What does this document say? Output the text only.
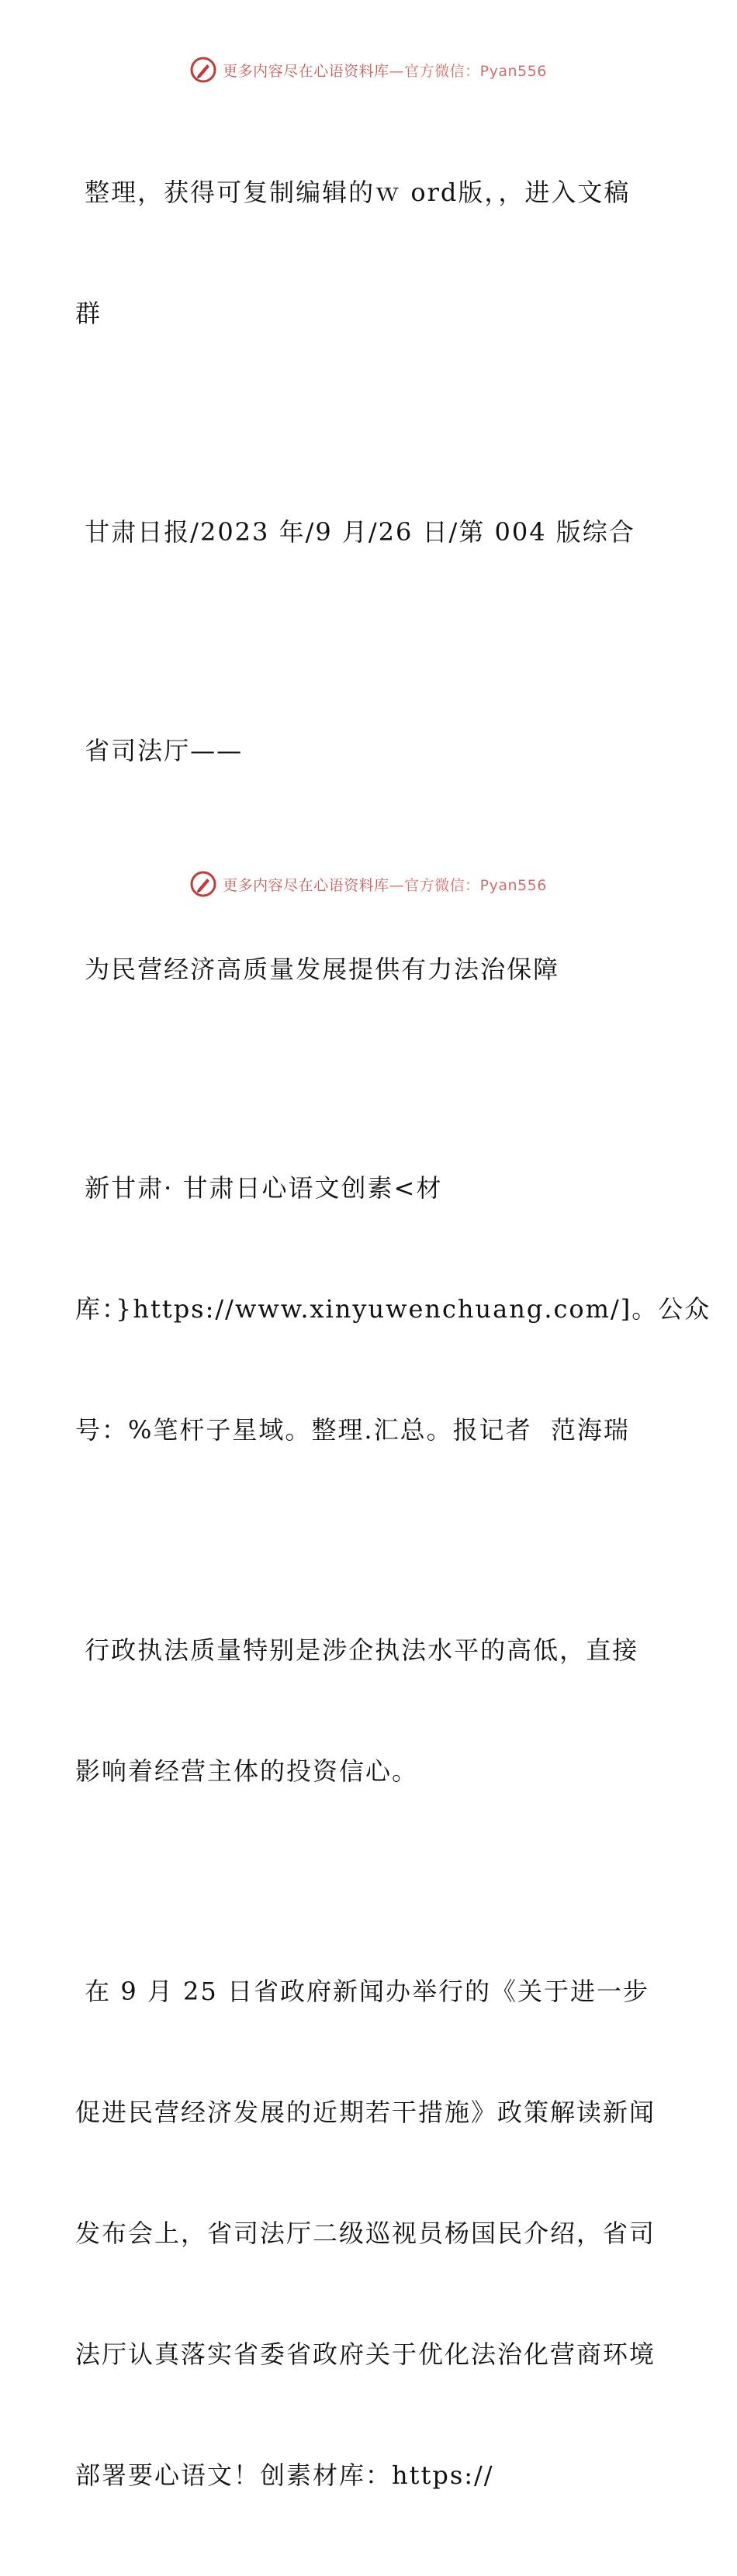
更多内容尽在心语资料库—官方微信：Pyan556

整理，获得可复制编辑的ｗ ord版，，进入文稿

群

甘肃日报/2023 年/9 月/26 日/第 004 版综合

省司法厅——

为民营经济高质量发展提供有力法治保障

新甘肃· 甘肃日心语文创素<材

库：}https://www.xinyuwenchuang.com/]。公众

号：%笔杆子星域。整理.汇总。报记者  范海瑞

行政执法质量特别是涉企执法水平的高低，直接

影响着经营主体的投资信心。

在 9 月 25 日省政府新闻办举行的《关于进一步

促进民营经济发展的近期若干措施》政策解读新闻

发布会上，省司法厅二级巡视员杨国民介绍，省司

法厅认真落实省委省政府关于优化法治化营商环境

部署要心语文！创素材库：https://

更多内容尽在心语资料库—官方微信：Pyan556
